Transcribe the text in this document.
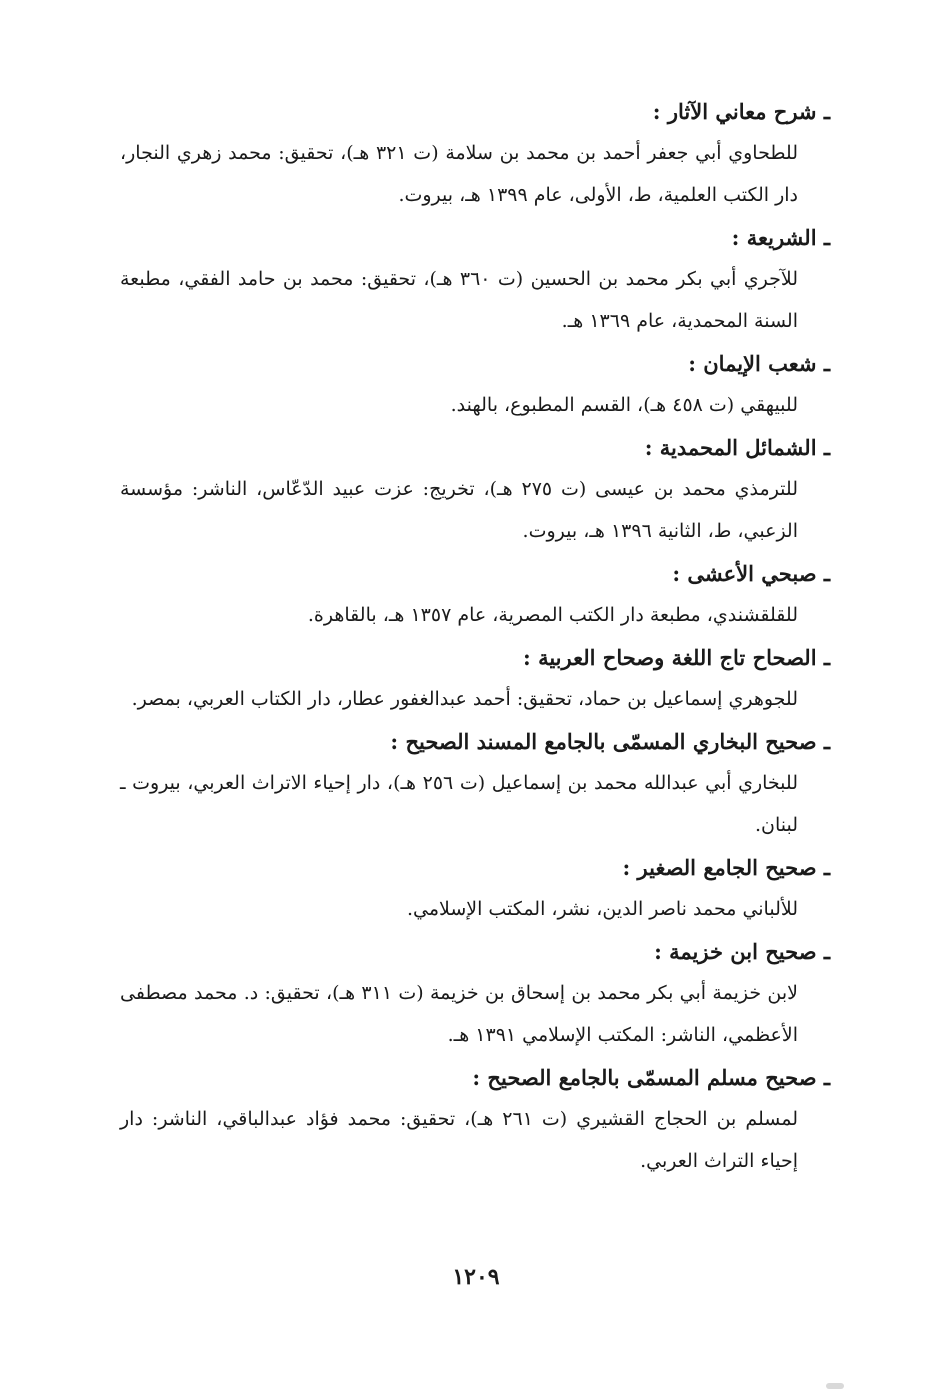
ـ شرح معاني الآثار :

للطحاوي أبي جعفر أحمد بن محمد بن سلامة (ت ٣٢١ هـ)، تحقيق: محمد زهري النجار، دار الكتب العلمية، ط، الأولى، عام ١٣٩٩ هـ، بيروت.

ـ الشريعة :

للآجري أبي بكر محمد بن الحسين (ت ٣٦٠ هـ)، تحقيق: محمد بن حامد الفقي، مطبعة السنة المحمدية، عام ١٣٦٩ هـ.

ـ شعب الإيمان :

للبيهقي (ت ٤٥٨ هـ)، القسم المطبوع، بالهند.

ـ الشمائل المحمدية :

للترمذي محمد بن عيسى (ت ٢٧٥ هـ)، تخريج: عزت عبيد الدّعّاس، الناشر: مؤسسة الزعبي، ط، الثانية ١٣٩٦ هـ، بيروت.

ـ صبحي الأعشى :

للقلقشندي، مطبعة دار الكتب المصرية، عام ١٣٥٧ هـ، بالقاهرة.

ـ الصحاح تاج اللغة وصحاح العربية :

للجوهري إسماعيل بن حماد، تحقيق: أحمد عبدالغفور عطار، دار الكتاب العربي، بمصر.

ـ صحيح البخاري المسمّى بالجامع المسند الصحيح :

للبخاري أبي عبدالله محمد بن إسماعيل (ت ٢٥٦ هـ)، دار إحياء الاتراث العربي، بيروت ـ لبنان.

ـ صحيح الجامع الصغير :

للألباني محمد ناصر الدين، نشر، المكتب الإسلامي.

ـ صحيح ابن خزيمة :

لابن خزيمة أبي بكر محمد بن إسحاق بن خزيمة (ت ٣١١ هـ)، تحقيق: د. محمد مصطفى الأعظمي، الناشر: المكتب الإسلامي ١٣٩١ هـ.

ـ صحيح مسلم المسمّى بالجامع الصحيح :

لمسلم بن الحجاج القشيري (ت ٢٦١ هـ)، تحقيق: محمد فؤاد عبدالباقي، الناشر: دار إحياء التراث العربي.

١٢٠٩
